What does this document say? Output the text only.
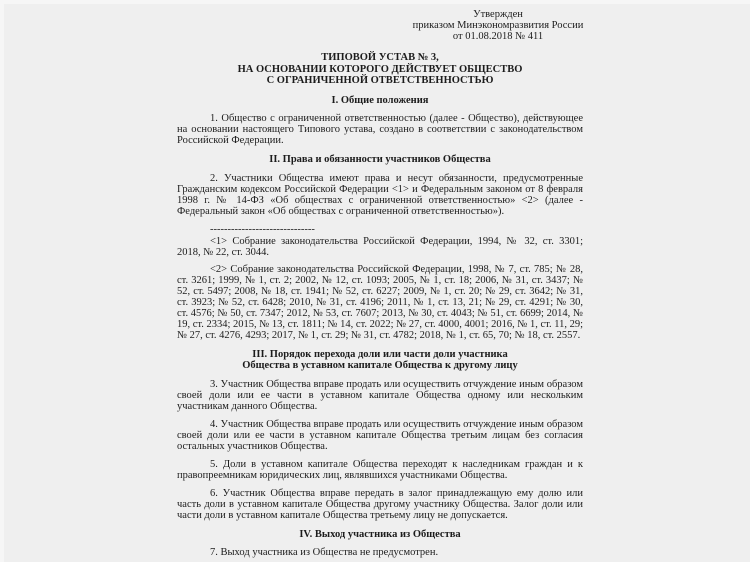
Утвержден
приказом Минэкономразвития России
от 01.08.2018 № 411
ТИПОВОЙ УСТАВ № 3,
НА ОСНОВАНИИ КОТОРОГО ДЕЙСТВУЕТ ОБЩЕСТВО
С ОГРАНИЧЕННОЙ ОТВЕТСТВЕННОСТЬЮ
I. Общие положения

1. Общество с ограниченной ответственностью (далее - Общество), действующее на основании настоящего Типового устава, создано в соответствии с законодательством Российской Федерации.

II. Права и обязанности участников Общества

2. Участники Общества имеют права и несут обязанности, предусмотренные Гражданским кодексом Российской Федерации <1> и Федеральным законом от 8 февраля 1998 г. № 14-ФЗ «Об обществах с ограниченной ответственностью» <2> (далее - Федеральный закон «Об обществах с ограниченной ответственностью»).

------------------------------

<1> Собрание законодательства Российской Федерации, 1994, № 32, ст. 3301; 2018, № 22, ст. 3044.

<2> Собрание законодательства Российской Федерации, 1998, № 7, ст. 785; № 28, ст. 3261; 1999, № 1, ст. 2; 2002, № 12, ст. 1093; 2005, № 1, ст. 18; 2006, № 31, ст. 3437; № 52, ст. 5497; 2008, № 18, ст. 1941; № 52, ст. 6227; 2009, № 1, ст. 20; № 29, ст. 3642; № 31, ст. 3923; № 52, ст. 6428; 2010, № 31, ст. 4196; 2011, № 1, ст. 13, 21; № 29, ст. 4291; № 30, ст. 4576; № 50, ст. 7347; 2012, № 53, ст. 7607; 2013, № 30, ст. 4043; № 51, ст. 6699; 2014, № 19, ст. 2334; 2015, № 13, ст. 1811; № 14, ст. 2022; № 27, ст. 4000, 4001; 2016, № 1, ст. 11, 29; № 27, ст. 4276, 4293; 2017, № 1, ст. 29; № 31, ст. 4782; 2018, № 1, ст. 65, 70; № 18, ст. 2557.

III. Порядок перехода доли или части доли участника
Общества в уставном капитале Общества к другому лицу

3. Участник Общества вправе продать или осуществить отчуждение иным образом своей доли или ее части в уставном капитале Общества одному или нескольким участникам данного Общества.

4. Участник Общества вправе продать или осуществить отчуждение иным образом своей доли или ее части в уставном капитале Общества третьим лицам без согласия остальных участников Общества.

5. Доли в уставном капитале Общества переходят к наследникам граждан и к правопреемникам юридических лиц, являвшихся участниками Общества.

6. Участник Общества вправе передать в залог принадлежащую ему долю или часть доли в уставном капитале Общества другому участнику Общества. Залог доли или части доли в уставном капитале Общества третьему лицу не допускается.

IV. Выход участника из Общества

7. Выход участника из Общества не предусмотрен.
